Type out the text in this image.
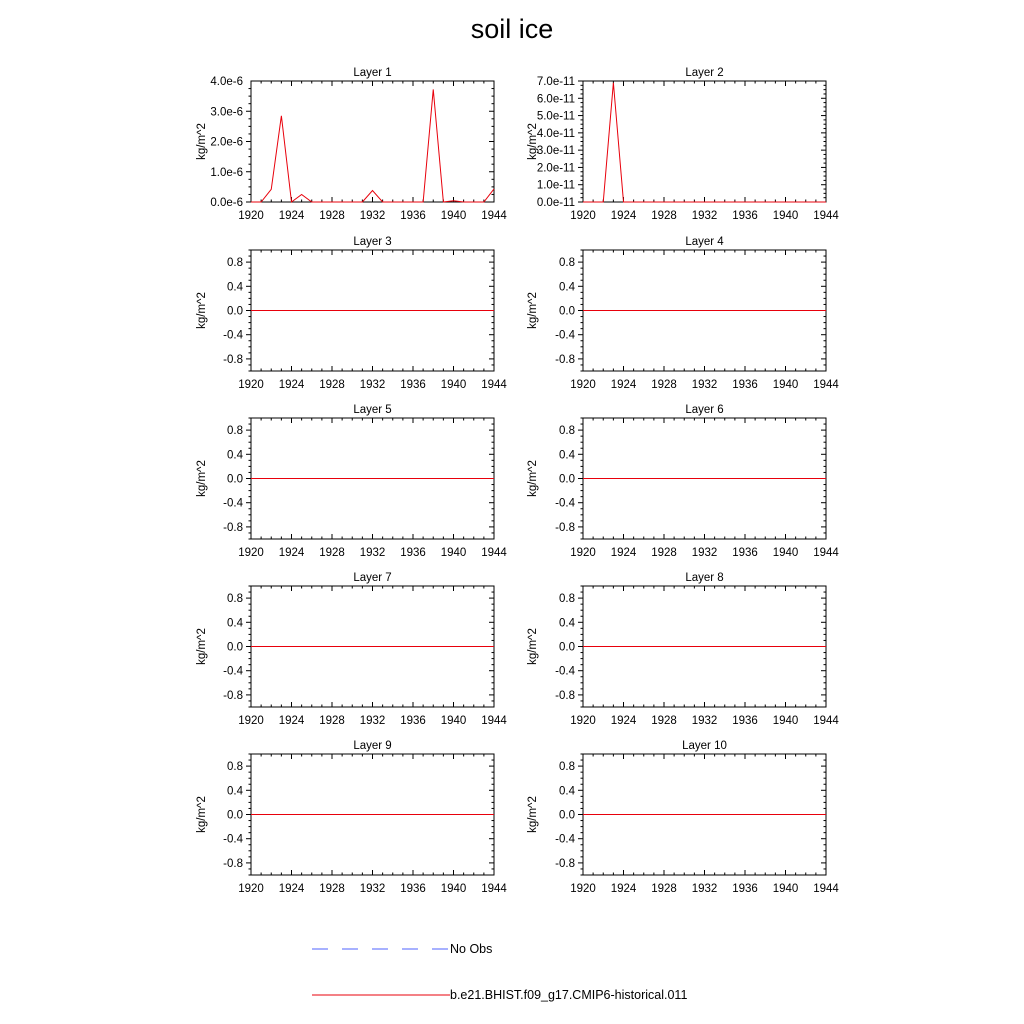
soil ice
Layer 1
kg/m^2
1920 1924 1928 1932 1936 1940 1944
0.0e-6
1.0e-6
2.0e-6
3.0e-6
4.0e-6
Layer 2
kg/m^2
1920 1924 1928 1932 1936 1940 1944
0.0e-11
1.0e-11
2.0e-11
3.0e-11
4.0e-11
5.0e-11
6.0e-11
7.0e-11
Layer 3
kg/m^2
1920 1924 1928 1932 1936 1940 1944
-0.8
-0.4
0.0
0.4
0.8
Layer 4
kg/m^2
1920 1924 1928 1932 1936 1940 1944
-0.8
-0.4
0.0
0.4
0.8
Layer 5
kg/m^2
1920 1924 1928 1932 1936 1940 1944
-0.8
-0.4
0.0
0.4
0.8
Layer 6
kg/m^2
1920 1924 1928 1932 1936 1940 1944
-0.8
-0.4
0.0
0.4
0.8
Layer 7
kg/m^2
1920 1924 1928 1932 1936 1940 1944
-0.8
-0.4
0.0
0.4
0.8
Layer 8
kg/m^2
1920 1924 1928 1932 1936 1940 1944
-0.8
-0.4
0.0
0.4
0.8
Layer 9
kg/m^2
1920 1924 1928 1932 1936 1940 1944
-0.8
-0.4
0.0
0.4
0.8
Layer 10
kg/m^2
1920 1924 1928 1932 1936 1940 1944
-0.8
-0.4
0.0
0.4
0.8
No Obs
b.e21.BHIST.f09_g17.CMIP6-historical.011
